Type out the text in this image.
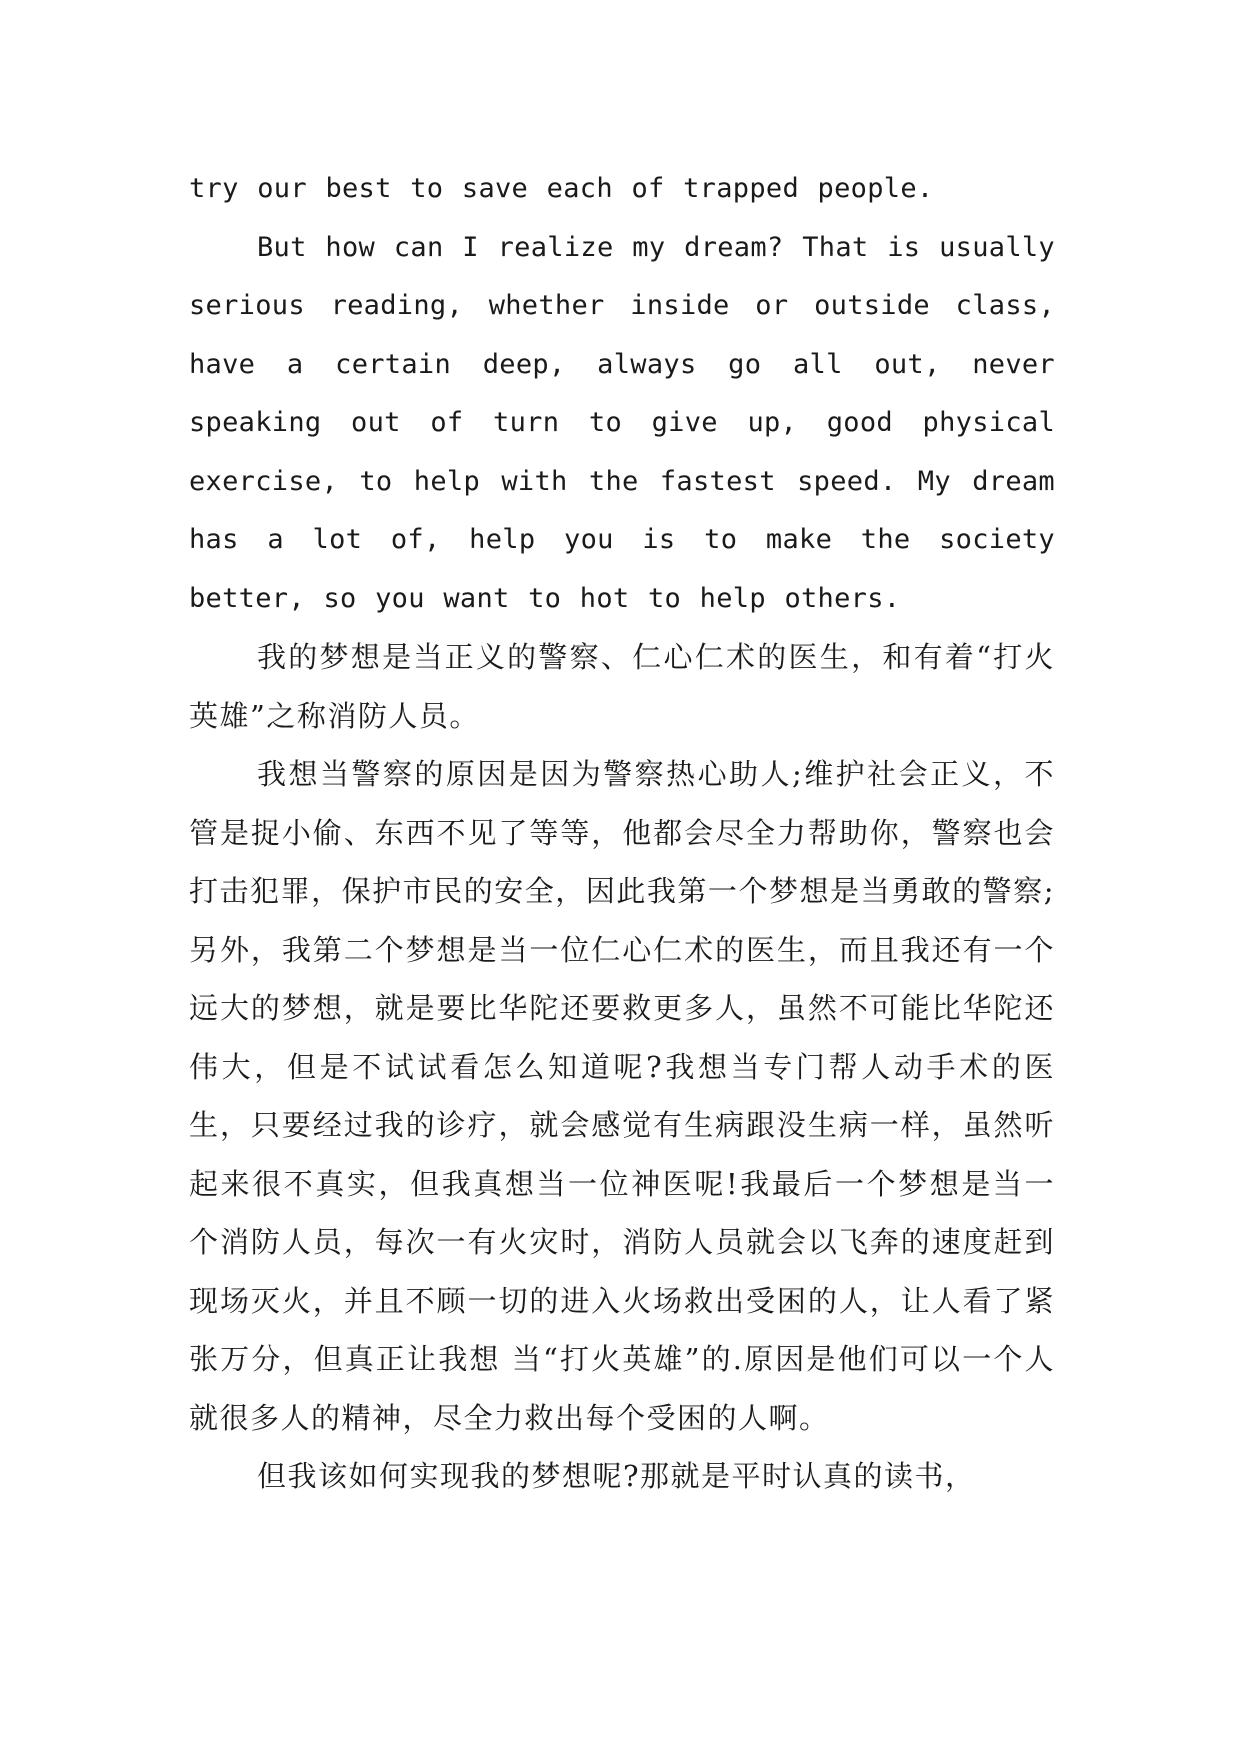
try our best to save each of trapped people.

But how can I realize my dream? That is usually serious reading, whether inside or outside class, have a certain deep, always go all out, never speaking out of turn to give up, good physical exercise, to help with the fastest speed. My dream has a lot of, help you is to make the society better, so you want to hot to help others.

我的梦想是当正义的警察、仁心仁术的医生，和有着“打火英雄”之称消防人员。

我想当警察的原因是因为警察热心助人;维护社会正义，不管是捉小偷、东西不见了等等，他都会尽全力帮助你，警察也会打击犯罪，保护市民的安全，因此我第一个梦想是当勇敢的警察;另外，我第二个梦想是当一位仁心仁术的医生，而且我还有一个远大的梦想，就是要比华陀还要救更多人，虽然不可能比华陀还伟大，但是不试试看怎么知道呢?我想当专门帮人动手术的医生，只要经过我的诊疗，就会感觉有生病跟没生病一样，虽然听起来很不真实，但我真想当一位神医呢!我最后一个梦想是当一个消防人员，每次一有火灾时，消防人员就会以飞奔的速度赶到现场灭火，并且不顾一切的进入火场救出受困的人，让人看了紧张万分，但真正让我想 当“打火英雄”的.原因是他们可以一个人就很多人的精神，尽全力救出每个受困的人啊。

但我该如何实现我的梦想呢?那就是平时认真的读书，
